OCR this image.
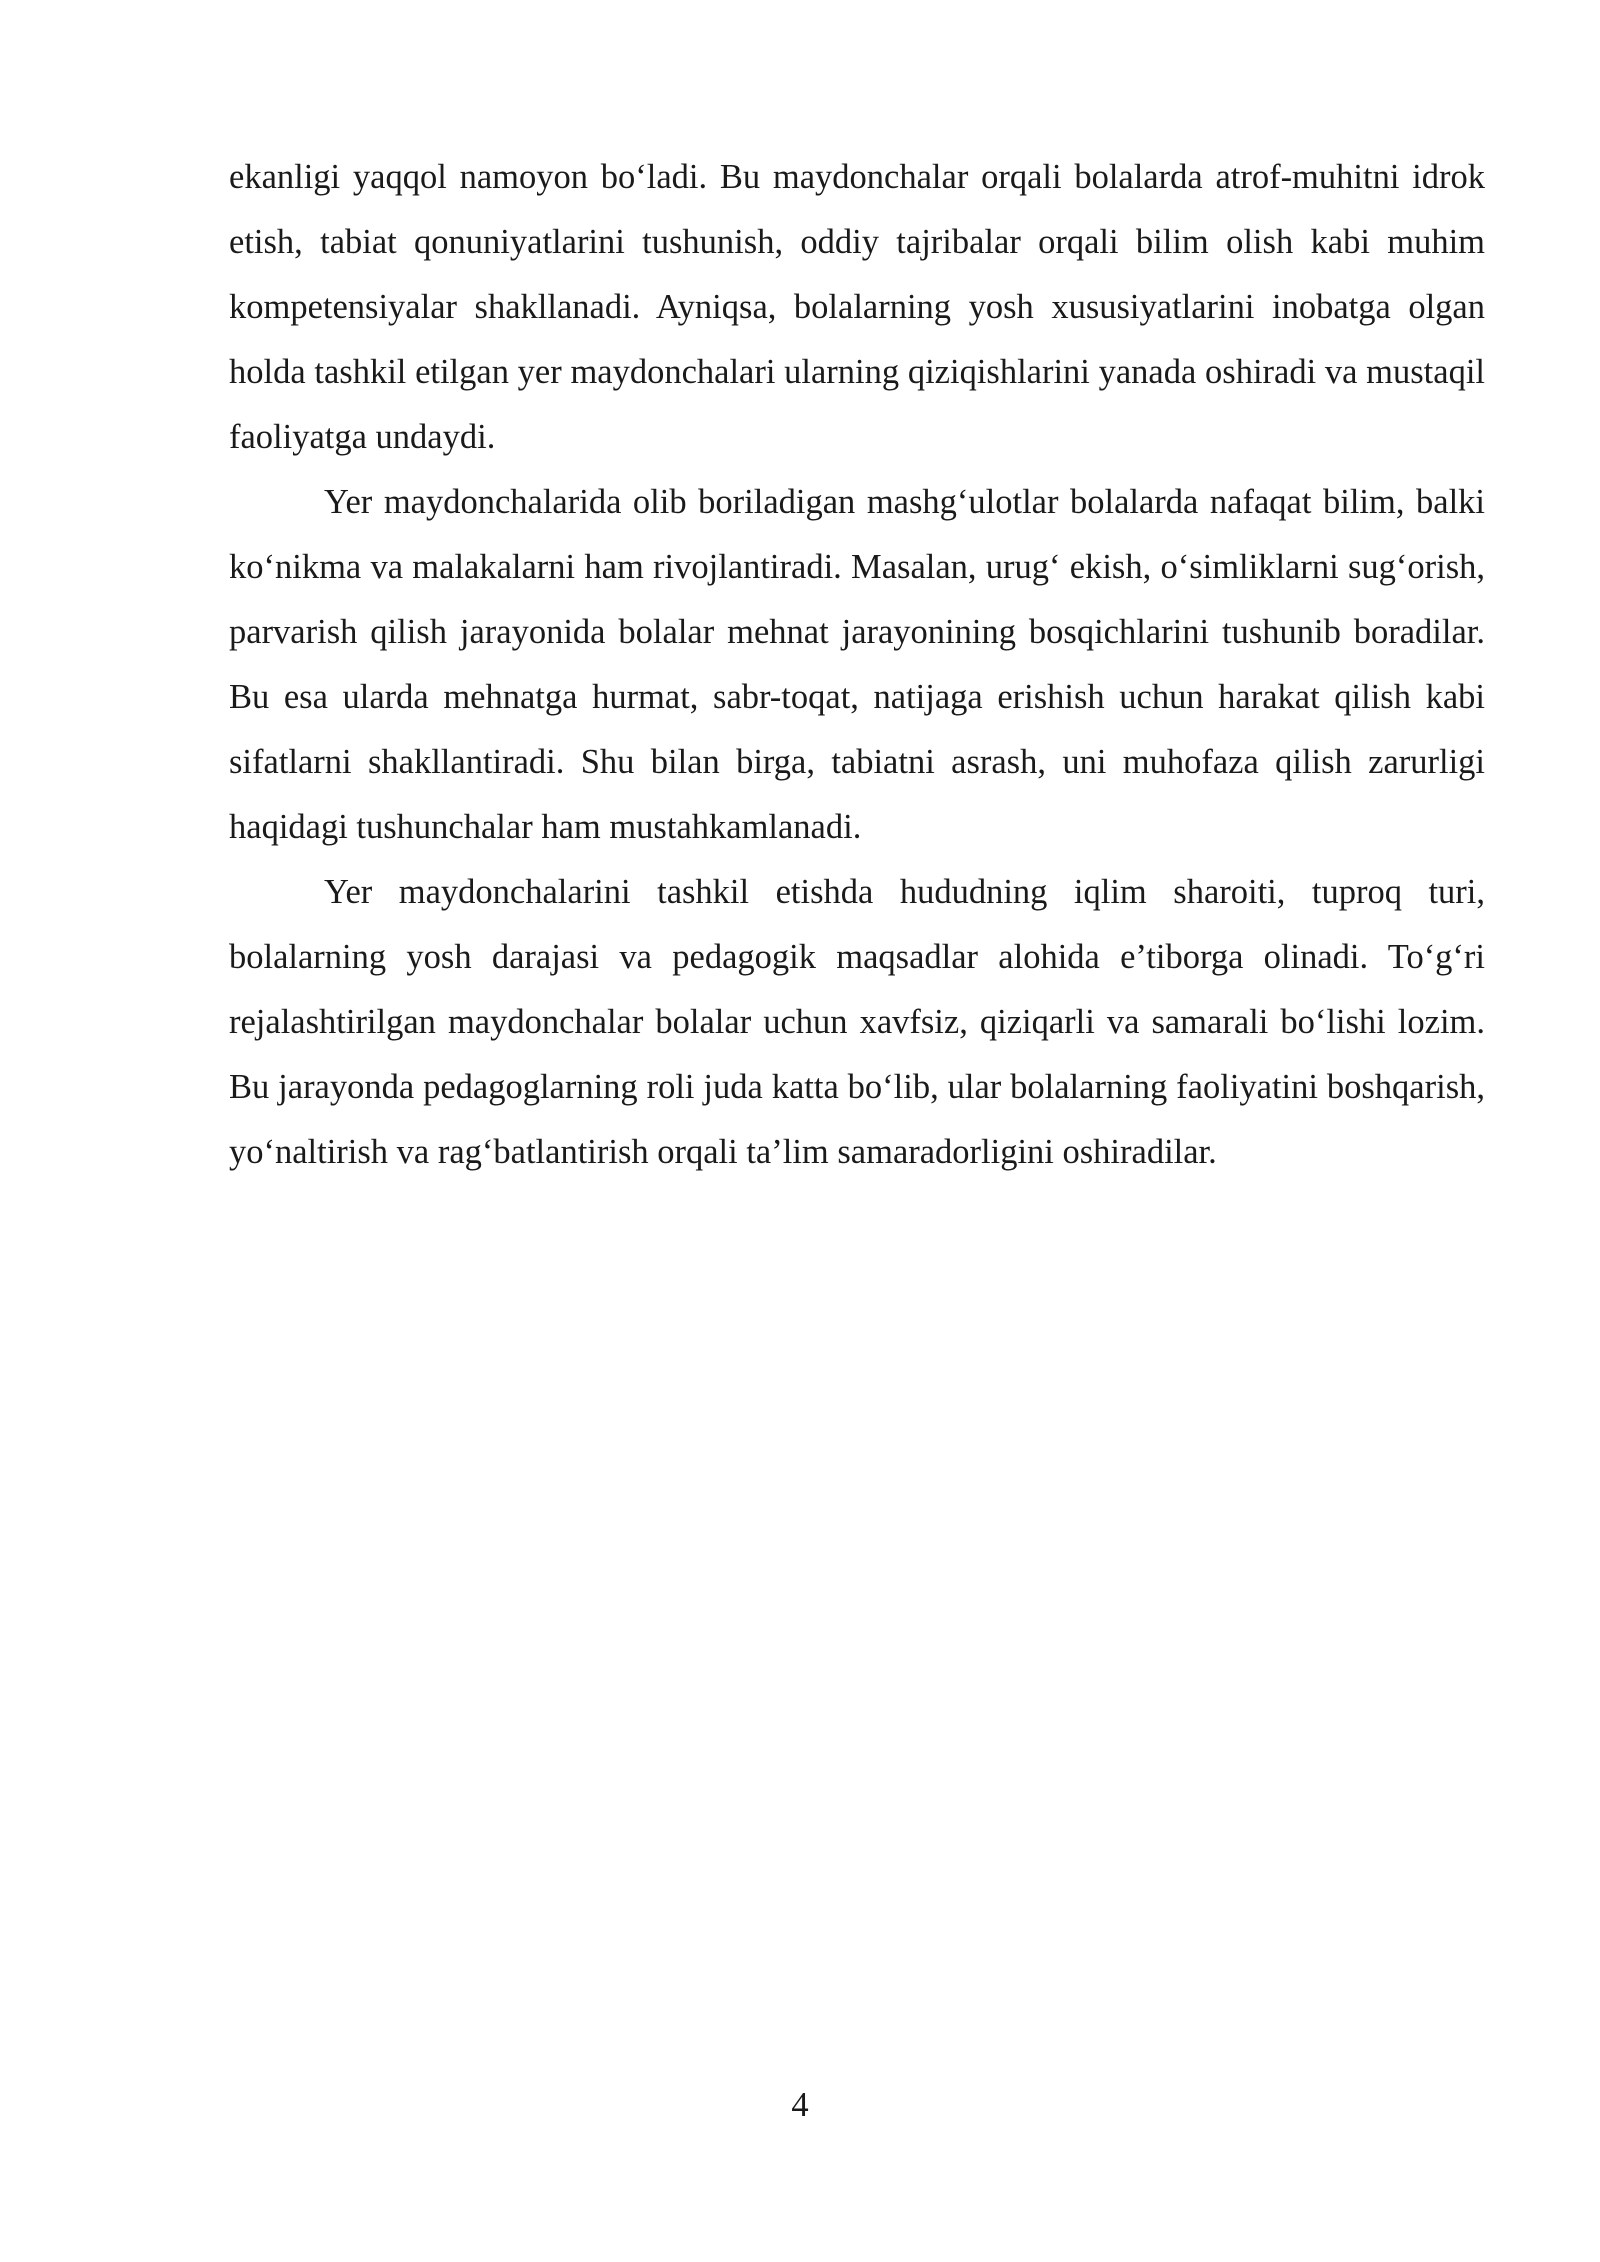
ekanligi yaqqol namoyon bo‘ladi. Bu maydonchalar orqali bolalarda atrof-muhitni idrok etish, tabiat qonuniyatlarini tushunish, oddiy tajribalar orqali bilim olish kabi muhim kompetensiyalar shakllanadi. Ayniqsa, bolalarning yosh xususiyatlarini inobatga olgan holda tashkil etilgan yer maydonchalari ularning qiziqishlarini yanada oshiradi va mustaqil faoliyatga undaydi.

Yer maydonchalarida olib boriladigan mashg‘ulotlar bolalarda nafaqat bilim, balki ko‘nikma va malakalarni ham rivojlantiradi. Masalan, urug‘ ekish, o‘simliklarni sug‘orish, parvarish qilish jarayonida bolalar mehnat jarayonining bosqichlarini tushunib boradilar. Bu esa ularda mehnatga hurmat, sabr-toqat, natijaga erishish uchun harakat qilish kabi sifatlarni shakllantiradi. Shu bilan birga, tabiatni asrash, uni muhofaza qilish zarurligi haqidagi tushunchalar ham mustahkamlanadi.

Yer maydonchalarini tashkil etishda hududning iqlim sharoiti, tuproq turi, bolalarning yosh darajasi va pedagogik maqsadlar alohida e’tiborga olinadi. To‘g‘ri rejalashtirilgan maydonchalar bolalar uchun xavfsiz, qiziqarli va samarali bo‘lishi lozim. Bu jarayonda pedagoglarning roli juda katta bo‘lib, ular bolalarning faoliyatini boshqarish, yo‘naltirish va rag‘batlantirish orqali ta’lim samaradorligini oshiradilar.

4
